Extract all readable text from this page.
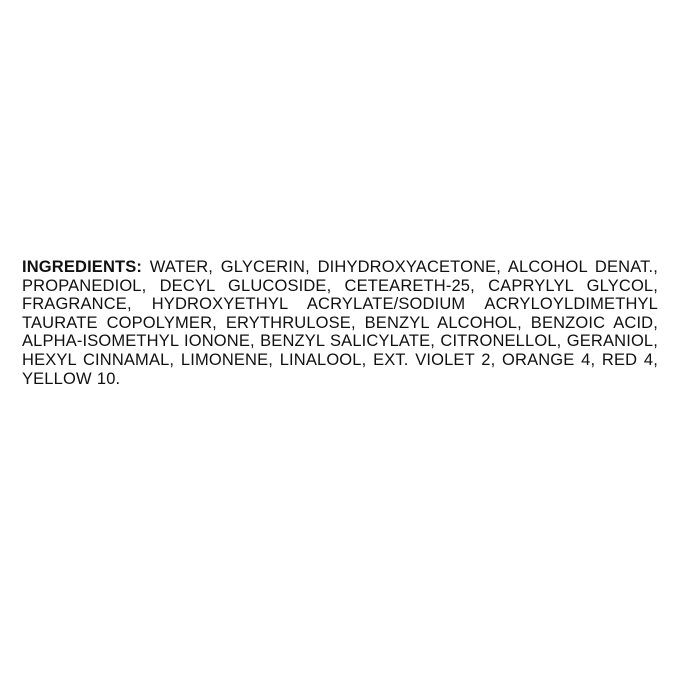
INGREDIENTS: WATER, GLYCERIN, DIHYDROXYACETONE, ALCOHOL DENAT., PROPANEDIOL, DECYL GLUCOSIDE, CETEARETH-25, CAPRYLYL GLYCOL, FRAGRANCE, HYDROXYETHYL ACRYLATE/SODIUM ACRYLOYLDIMETHYL TAURATE COPOLYMER, ERYTHRULOSE, BENZYL ALCOHOL, BENZOIC ACID, ALPHA-ISOMETHYL IONONE, BENZYL SALICYLATE, CITRONELLOL, GERANIOL, HEXYL CINNAMAL, LIMONENE, LINALOOL, EXT. VIOLET 2, ORANGE 4, RED 4, YELLOW 10.
